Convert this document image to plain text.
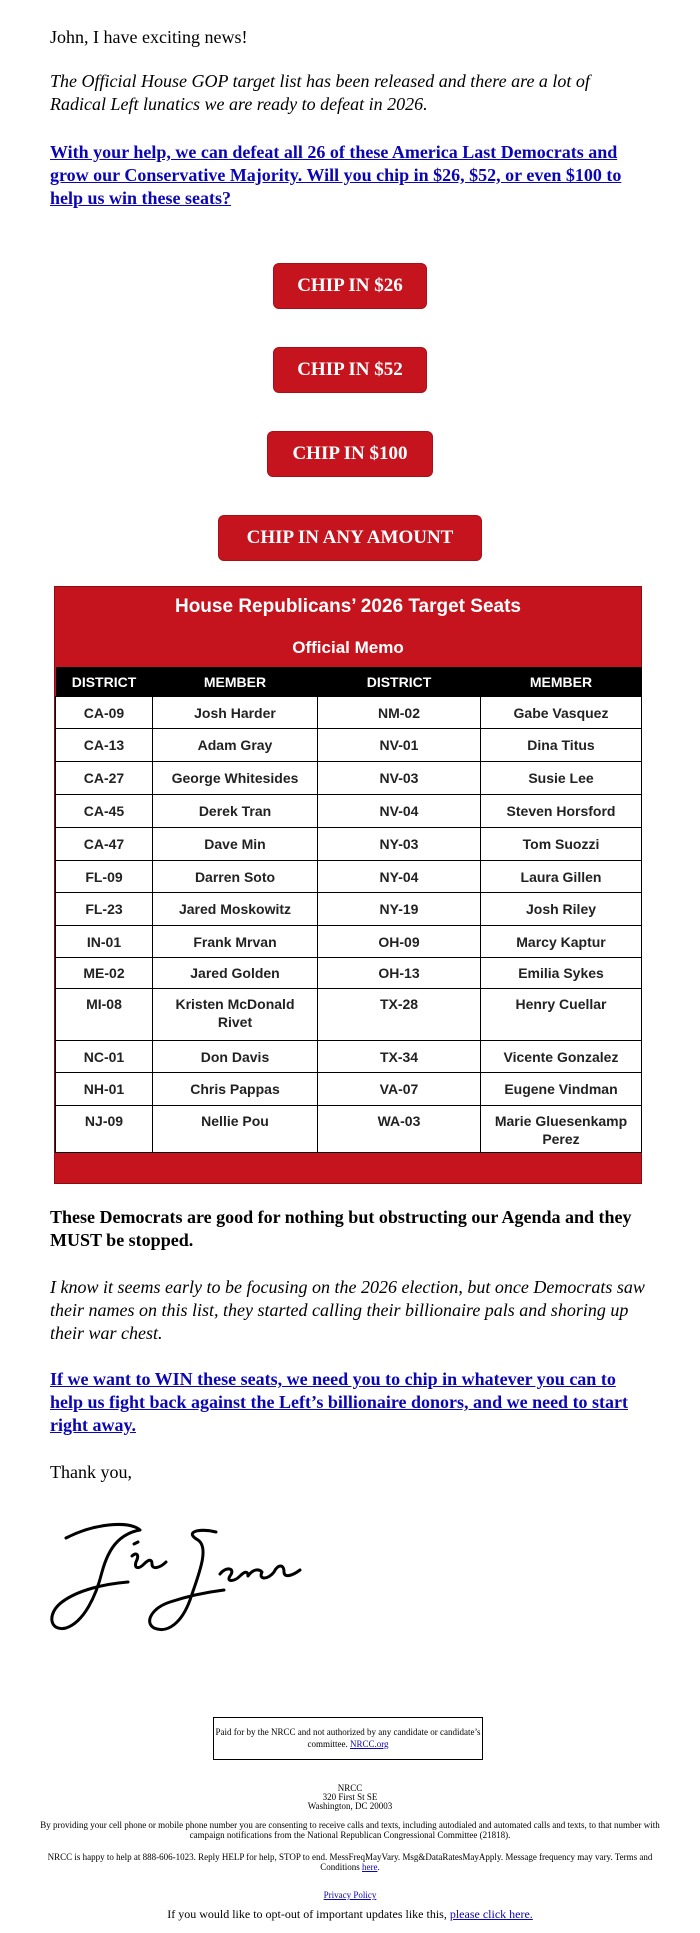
John, I have exciting news!

The Official House GOP target list has been released and there are a lot of Radical Left lunatics we are ready to defeat in 2026.

With your help, we can defeat all 26 of these America Last Democrats and grow our Conservative Majority. Will you chip in $26, $52, or even $100 to help us win these seats?

CHIP IN $26
CHIP IN $52
CHIP IN $100
CHIP IN ANY AMOUNT
House Republicans’ 2026 Target Seats
Official Memo
DISTRICT	MEMBER	DISTRICT	MEMBER
CA-09	Josh Harder	NM-02	Gabe Vasquez
CA-13	Adam Gray	NV-01	Dina Titus
CA-27	George Whitesides	NV-03	Susie Lee
CA-45	Derek Tran	NV-04	Steven Horsford
CA-47	Dave Min	NY-03	Tom Suozzi
FL-09	Darren Soto	NY-04	Laura Gillen
FL-23	Jared Moskowitz	NY-19	Josh Riley
IN-01	Frank Mrvan	OH-09	Marcy Kaptur
ME-02	Jared Golden	OH-13	Emilia Sykes
MI-08	Kristen McDonald Rivet	TX-28	Henry Cuellar
NC-01	Don Davis	TX-34	Vicente Gonzalez
NH-01	Chris Pappas	VA-07	Eugene Vindman
NJ-09	Nellie Pou	WA-03	Marie Gluesenkamp Perez

These Democrats are good for nothing but obstructing our Agenda and they MUST be stopped.

I know it seems early to be focusing on the 2026 election, but once Democrats saw their names on this list, they started calling their billionaire pals and shoring up their war chest.

If we want to WIN these seats, we need you to chip in whatever you can to help us fight back against the Left’s billionaire donors, and we need to start right away.

Thank you,

Paid for by the NRCC and not authorized by any candidate or candidate’s committee. NRCC.org
NRCC
320 First St SE
Washington, DC 20003
By providing your cell phone or mobile phone number you are consenting to receive calls and texts, including autodialed and automated calls and texts, to that number with campaign notifications from the National Republican Congressional Committee (21818).
NRCC is happy to help at 888-606-1023. Reply HELP for help, STOP to end. MessFreqMayVary. Msg&DataRatesMayApply. Message frequency may vary. Terms and Conditions here.
Privacy Policy
If you would like to opt-out of important updates like this, please click here.
